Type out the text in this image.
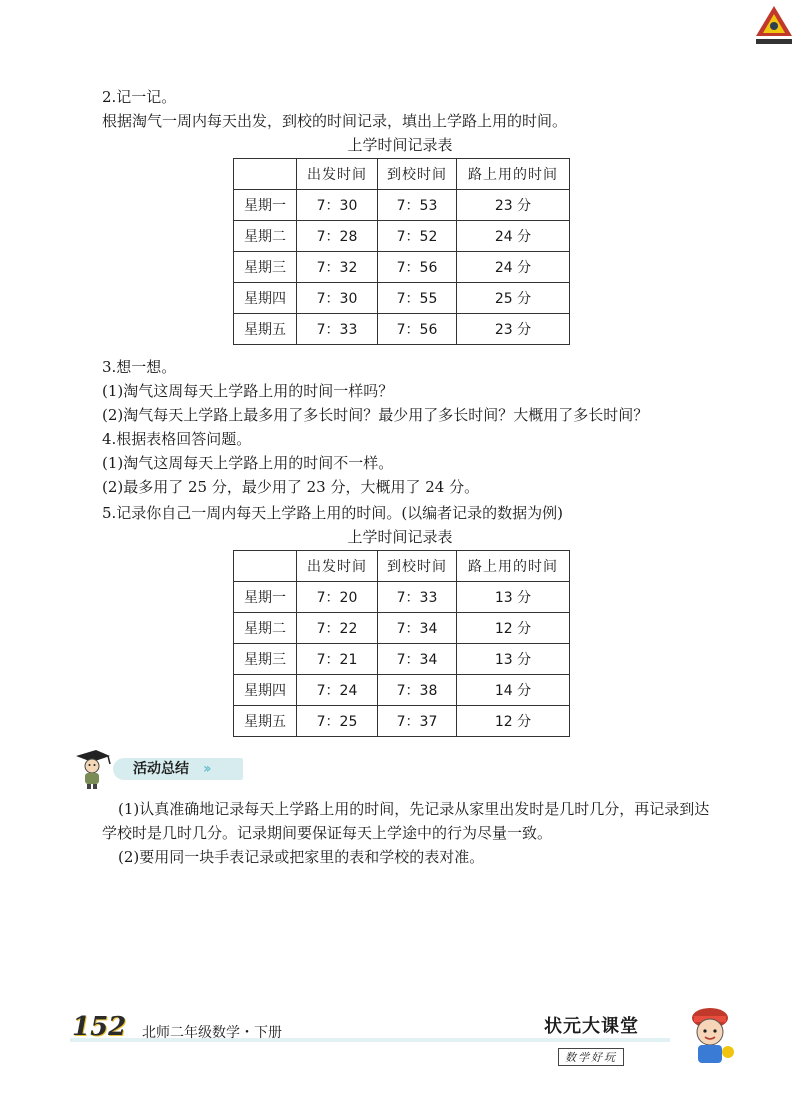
2.记一记。
根据淘气一周内每天出发，到校的时间记录，填出上学路上用的时间。
上学时间记录表
	出发时间	到校时间	路上用的时间
星期一	7：30	7：53	23 分
星期二	7：28	7：52	24 分
星期三	7：32	7：56	24 分
星期四	7：30	7：55	25 分
星期五	7：33	7：56	23 分
3.想一想。
(1)淘气这周每天上学路上用的时间一样吗？
(2)淘气每天上学路上最多用了多长时间？最少用了多长时间？大概用了多长时间？
4.根据表格回答问题。
(1)淘气这周每天上学路上用的时间不一样。
(2)最多用了 25 分，最少用了 23 分，大概用了 24 分。
5.记录你自己一周内每天上学路上用的时间。(以编者记录的数据为例)
上学时间记录表
	出发时间	到校时间	路上用的时间
星期一	7：20	7：33	13 分
星期二	7：22	7：34	12 分
星期三	7：21	7：34	13 分
星期四	7：24	7：38	14 分
星期五	7：25	7：37	12 分
活动总结 ››
(1)认真准确地记录每天上学路上用的时间，先记录从家里出发时是几时几分，再记录到达
学校时是几时几分。记录期间要保证每天上学途中的行为尽量一致。
(2)要用同一块手表记录或把家里的表和学校的表对准。
152 北师二年级数学・下册	状元大课堂
数学好玩
